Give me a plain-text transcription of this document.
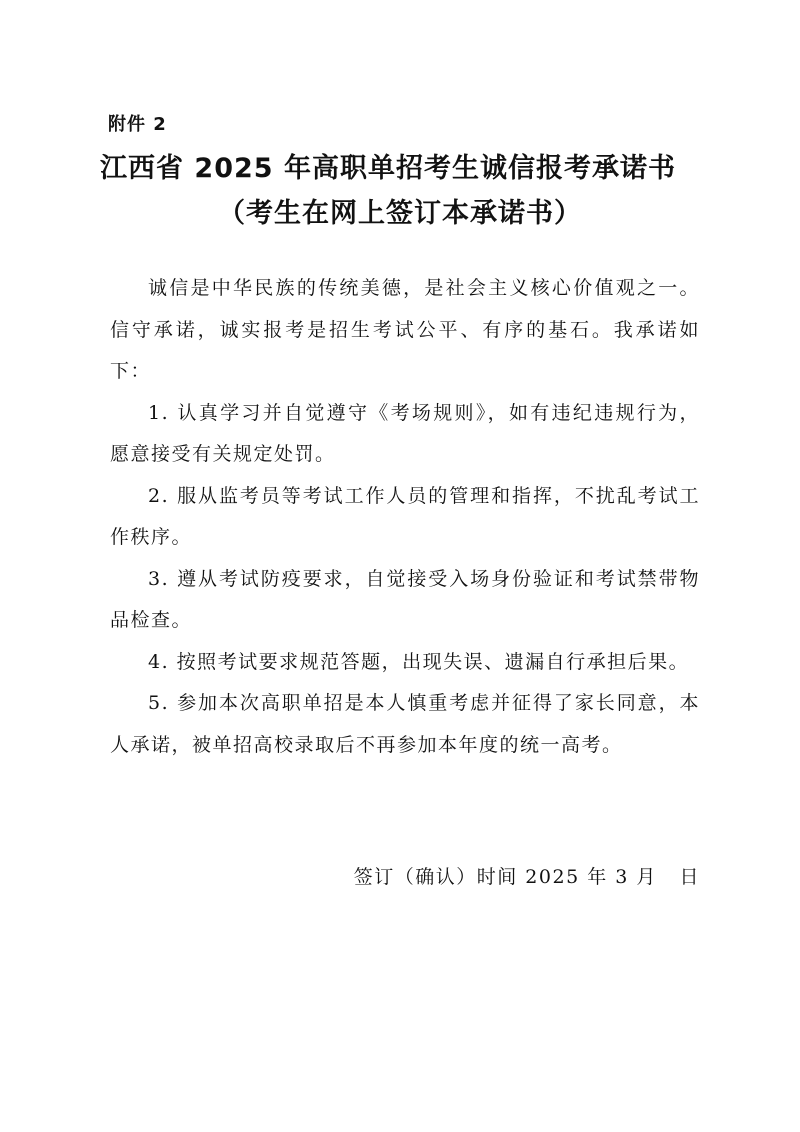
附件 2
江西省 2025 年高职单招考生诚信报考承诺书
（考生在网上签订本承诺书）

诚信是中华民族的传统美德，是社会主义核心价值观之一。信守承诺，诚实报考是招生考试公平、有序的基石。我承诺如下：

1. 认真学习并自觉遵守《考场规则》，如有违纪违规行为，愿意接受有关规定处罚。

2. 服从监考员等考试工作人员的管理和指挥，不扰乱考试工作秩序。

3. 遵从考试防疫要求，自觉接受入场身份验证和考试禁带物品检查。

4. 按照考试要求规范答题，出现失误、遗漏自行承担后果。

5. 参加本次高职单招是本人慎重考虑并征得了家长同意，本人承诺，被单招高校录取后不再参加本年度的统一高考。

签订（确认）时间 2025 年 3 月   日
